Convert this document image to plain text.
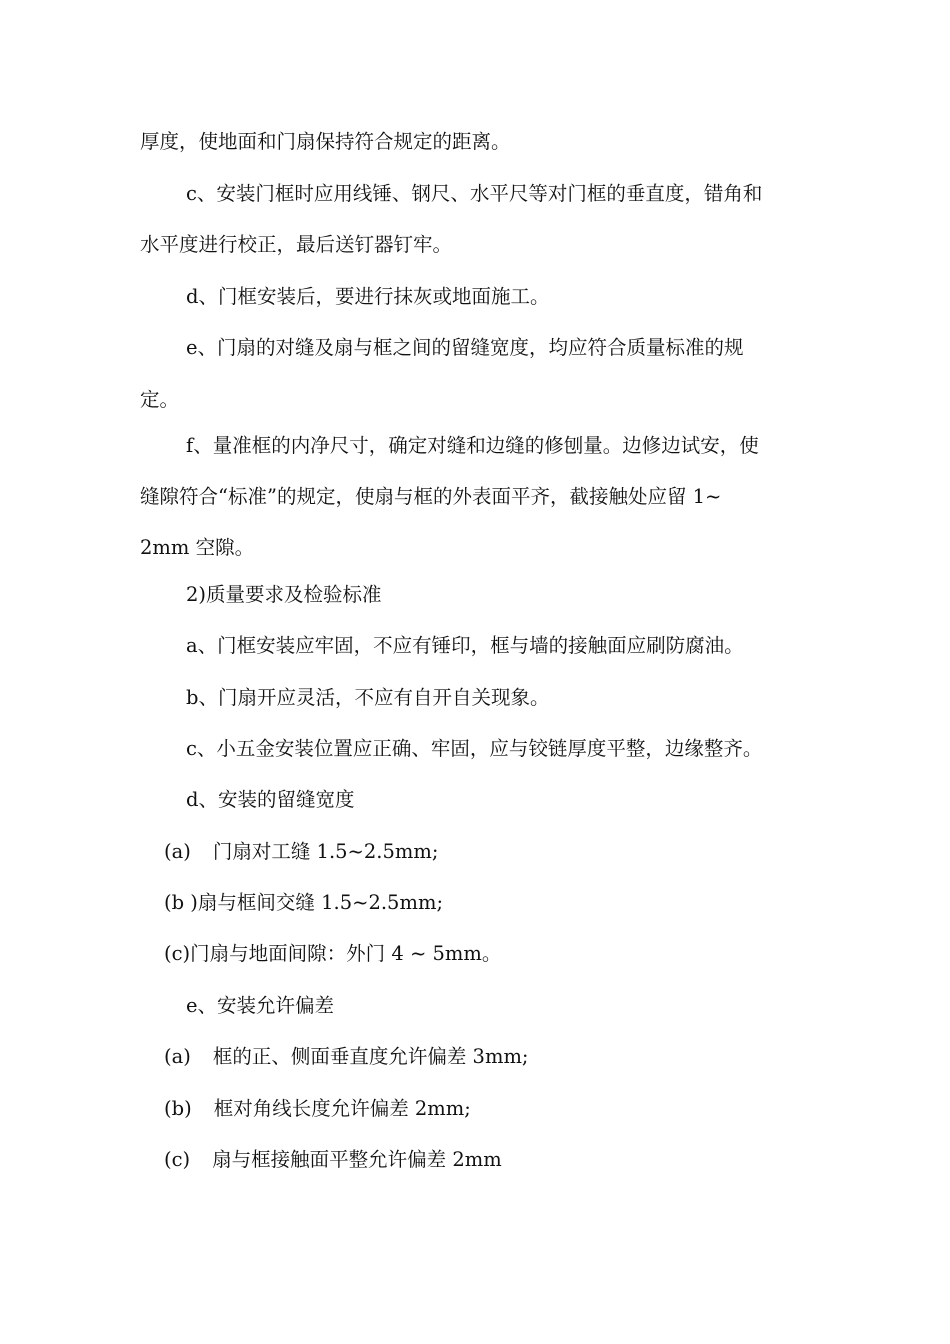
厚度，使地面和门扇保持符合规定的距离。
c、安装门框时应用线锤、钢尺、水平尺等对门框的垂直度，错角和
水平度进行校正，最后送钉器钉牢。
d、门框安装后，要进行抹灰或地面施工。
e、门扇的对缝及扇与框之间的留缝宽度，均应符合质量标准的规
定。
f、量准框的内净尺寸，确定对缝和边缝的修刨量。边修边试安，使
缝隙符合“标准”的规定，使扇与框的外表面平齐，截接触处应留 1~
2mm 空隙。
2)质量要求及检验标准
a、门框安装应牢固，不应有锤印，框与墙的接触面应刷防腐油。
b、门扇开应灵活，不应有自开自关现象。
c、小五金安装位置应正确、牢固，应与铰链厚度平整，边缘整齐。
d、安装的留缝宽度
(a) 门扇对工缝 1.5~2.5mm;
(b )扇与框间交缝 1.5~2.5mm;
(c)门扇与地面间隙：外门 4 ~ 5mm。
e、安装允许偏差
(a) 框的正、侧面垂直度允许偏差 3mm;
(b) 框对角线长度允许偏差 2mm;
(c) 扇与框接触面平整允许偏差 2mm
